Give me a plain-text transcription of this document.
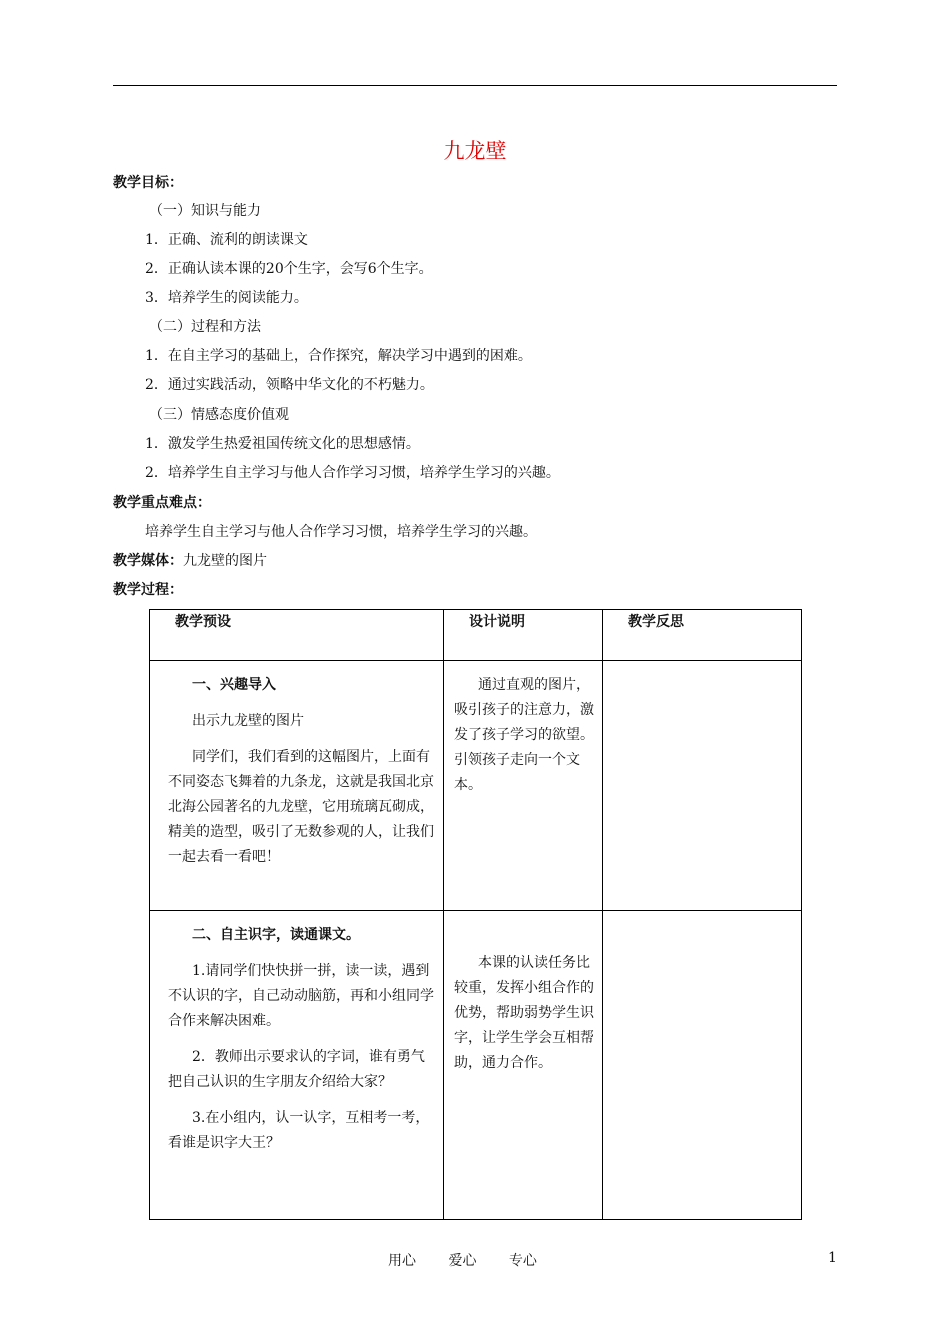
九龙壁
教学目标：
（一）知识与能力
1．正确、流利的朗读课文
2．正确认读本课的20个生字，会写6个生字。
3．培养学生的阅读能力。
（二）过程和方法
1．在自主学习的基础上，合作探究，解决学习中遇到的困难。
2．通过实践活动，领略中华文化的不朽魅力。
（三）情感态度价值观
1．激发学生热爱祖国传统文化的思想感情。
2．培养学生自主学习与他人合作学习习惯，培养学生学习的兴趣。
教学重点难点：
培养学生自主学习与他人合作学习习惯，培养学生学习的兴趣。
教学媒体：九龙壁的图片
教学过程：
教学预设	设计说明	教学反思

一、兴趣导入

出示九龙壁的图片

同学们，我们看到的这幅图片，上面有不同姿态飞舞着的九条龙，这就是我国北京北海公园著名的九龙壁，它用琉璃瓦砌成，精美的造型，吸引了无数参观的人，让我们一起去看一看吧！	通过直观的图片，吸引孩子的注意力，激发了孩子学习的欲望。引领孩子走向一个文本。	

二、自主识字，读通课文。

1.请同学们快快拼一拼，读一读，遇到不认识的字，自己动动脑筋，再和小组同学合作来解决困难。

2．教师出示要求认的字词，谁有勇气把自己认识的生字朋友介绍给大家？

3.在小组内，认一认字，互相考一考，看谁是识字大王？	本课的认读任务比较重，发挥小组合作的优势，帮助弱势学生识字，让学生学会互相帮助，通力合作。	

用心 爱心 专心	1
